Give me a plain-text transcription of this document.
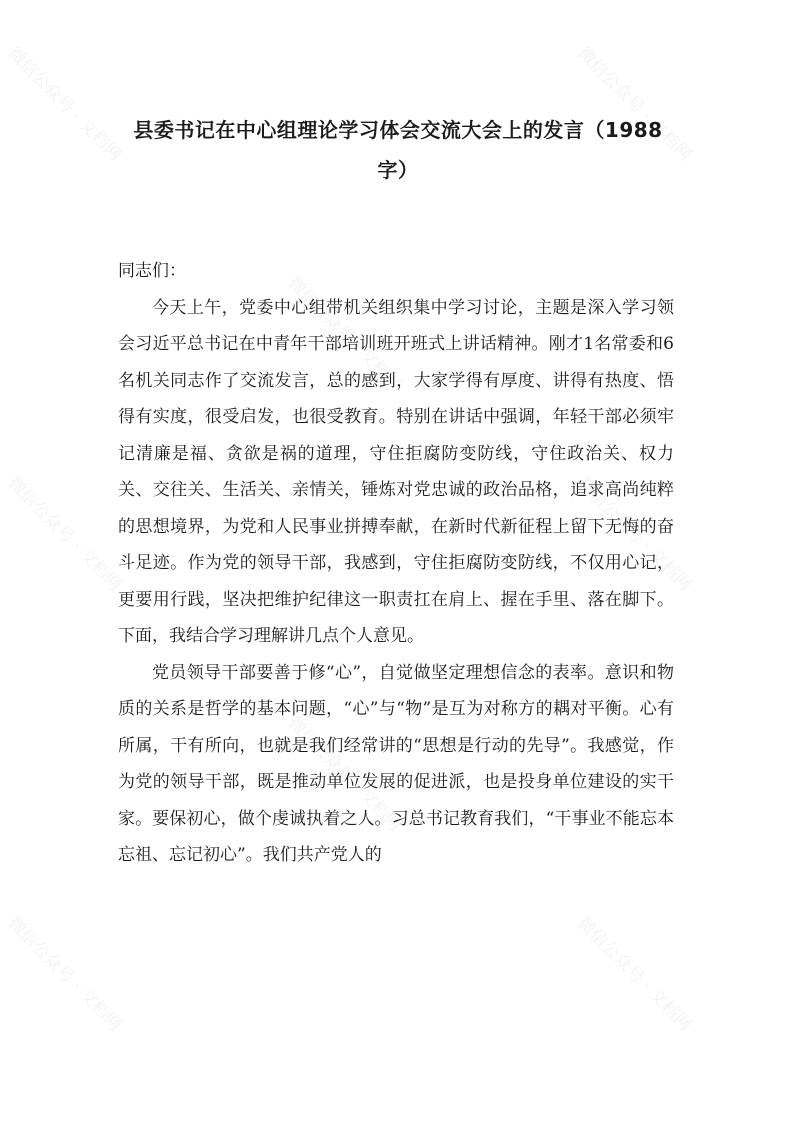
微信公众号 · 文档网	微信公众号 · 文档网
微信公众号 · 文档网
微信公众号 · 文档网	微信公众号 · 文档网
微信公众号 · 文档网
微信公众号 · 文档网	微信公众号 · 文档网
县委书记在中心组理论学习体会交流大会上的发言（1988字）

同志们：

今天上午，党委中心组带机关组织集中学习讨论，主题是深入学习领会习近平总书记在中青年干部培训班开班式上讲话精神。刚才1名常委和6名机关同志作了交流发言，总的感到，大家学得有厚度、讲得有热度、悟得有实度，很受启发，也很受教育。特别在讲话中强调，年轻干部必须牢记清廉是福、贪欲是祸的道理，守住拒腐防变防线，守住政治关、权力关、交往关、生活关、亲情关，锤炼对党忠诚的政治品格，追求高尚纯粹的思想境界，为党和人民事业拼搏奉献，在新时代新征程上留下无悔的奋斗足迹。作为党的领导干部，我感到，守住拒腐防变防线，不仅用心记，更要用行践，坚决把维护纪律这一职责扛在肩上、握在手里、落在脚下。下面，我结合学习理解讲几点个人意见。

党员领导干部要善于修“心”，自觉做坚定理想信念的表率。意识和物质的关系是哲学的基本问题，“心”与“物”是互为对称方的耦对平衡。心有所属，干有所向，也就是我们经常讲的“思想是行动的先导”。我感觉，作为党的领导干部，既是推动单位发展的促进派，也是投身单位建设的实干家。要保初心，做个虔诚执着之人。习总书记教育我们，“干事业不能忘本忘祖、忘记初心”。我们共产党人的
